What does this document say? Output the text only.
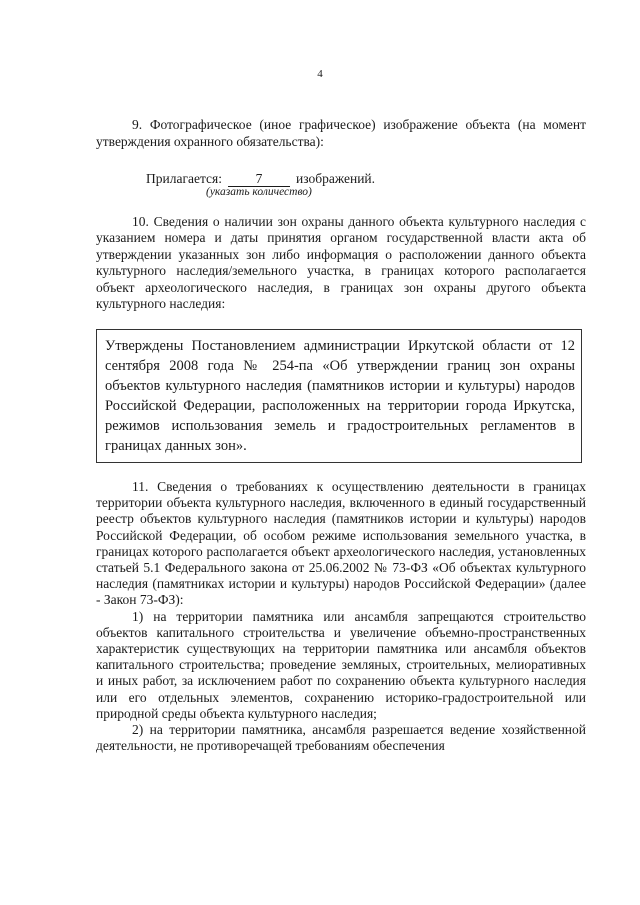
4

9. Фотографическое (иное графическое) изображение объекта (на момент утверждения охранного обязательства):

Прилагается: 7 изображений.
(указать количество)

10. Сведения о наличии зон охраны данного объекта культурного наследия с указанием номера и даты принятия органом государственной власти акта об утверждении указанных зон либо информация о расположении данного объекта культурного наследия/земельного участка, в границах которого располагается объект археологического наследия, в границах зон охраны другого объекта культурного наследия:

Утверждены Постановлением администрации Иркутской области от 12 сентября 2008 года № 254-па «Об утверждении границ зон охраны объектов культурного наследия (памятников истории и культуры) народов Российской Федерации, расположенных на территории города Иркутска, режимов использования земель и градостроительных регламентов в границах данных зон».

11. Сведения о требованиях к осуществлению деятельности в границах территории объекта культурного наследия, включенного в единый государственный реестр объектов культурного наследия (памятников истории и культуры) народов Российской Федерации, об особом режиме использования земельного участка, в границах которого располагается объект археологического наследия, установленных статьей 5.1 Федерального закона от 25.06.2002 № 73-ФЗ «Об объектах культурного наследия (памятниках истории и культуры) народов Российской Федерации» (далее - Закон 73-ФЗ):

1) на территории памятника или ансамбля запрещаются строительство объектов капитального строительства и увеличение объемно-пространственных характеристик существующих на территории памятника или ансамбля объектов капитального строительства; проведение земляных, строительных, мелиоративных и иных работ, за исключением работ по сохранению объекта культурного наследия или его отдельных элементов, сохранению историко-градостроительной или природной среды объекта культурного наследия;

2) на территории памятника, ансамбля разрешается ведение хозяйственной деятельности, не противоречащей требованиям обеспечения
